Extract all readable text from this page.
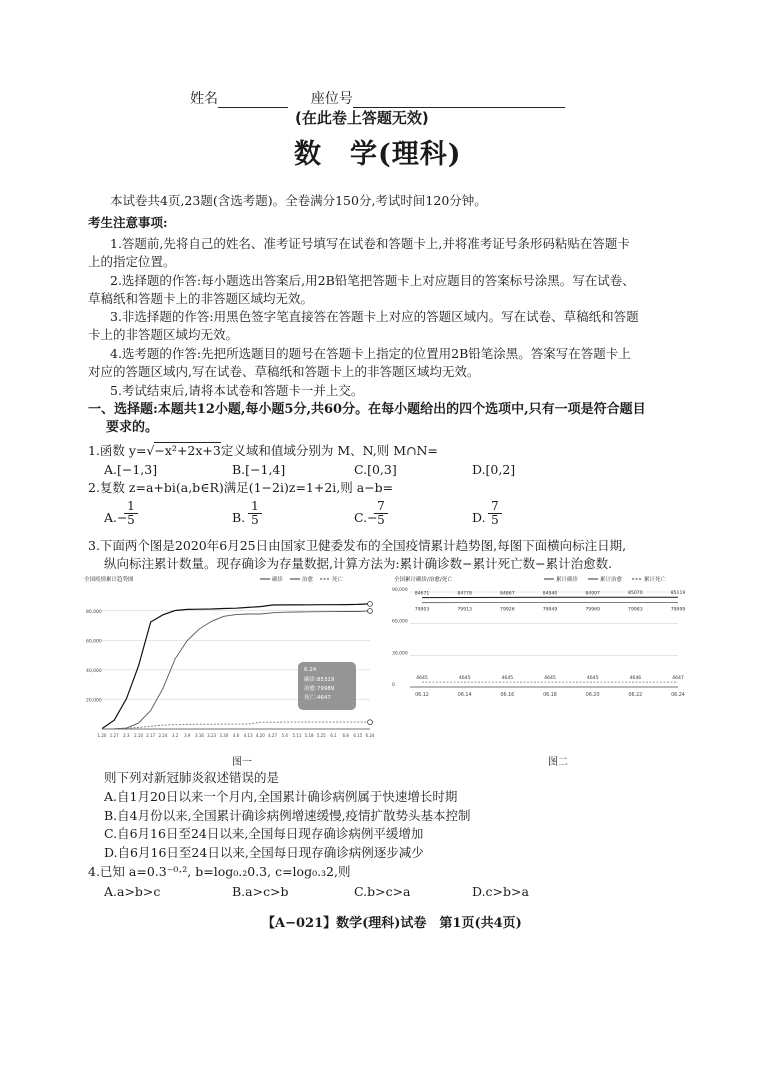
姓名	座位号
(在此卷上答题无效)
数　学(理科)
本试卷共4页,23题(含选考题)。全卷满分150分,考试时间120分钟。
考生注意事项:
1.答题前,先将自己的姓名、准考证号填写在试卷和答题卡上,并将准考证号条形码粘贴在答题卡
上的指定位置。
2.选择题的作答:每小题选出答案后,用2B铅笔把答题卡上对应题目的答案标号涂黑。写在试卷、
草稿纸和答题卡上的非答题区域均无效。
3.非选择题的作答:用黑色签字笔直接答在答题卡上对应的答题区域内。写在试卷、草稿纸和答题
卡上的非答题区域均无效。
4.选考题的作答:先把所选题目的题号在答题卡上指定的位置用2B铅笔涂黑。答案写在答题卡上
对应的答题区域内,写在试卷、草稿纸和答题卡上的非答题区域均无效。
5.考试结束后,请将本试卷和答题卡一并上交。
一、选择题:本题共12小题,每小题5分,共60分。在每小题给出的四个选项中,只有一项是符合题目
要求的。
1.函数 y=√−x²+2x+3定义域和值域分别为 M、N,则 M∩N=
A.[−1,3]	B.[−1,4]	C.[0,3]	D.[0,2]
2.复数 z=a+bi(a,b∈R)满足(1−2i)z=1+2i,则 a−b=
A.−
$\frac{1}{5}$	B. $\frac{1}{5}$	C.−
$\frac{7}{5}$	D. $\frac{7}{5}$
3.下面两个图是2020年6月25日由国家卫健委发布的全国疫情累计趋势图,每图下面横向标注日期,
纵向标注累计数量。现存确诊为存量数据,计算方法为:累计确诊数−累计死亡数−累计治愈数.
全国疫情累计趋势图	确诊	治愈	死亡
80,000
60,000
40,000
20,000
1.20 1.27 2.3 2.10 2.17 2.24 3.2 3.9 3.16 3.23 3.30 4.6 4.13 4.20 4.27 5.4 5.11 5.18 5.25 6.1 6.8 6.15 6.24
6.24
确诊:85319
治愈:79989
死亡:4647
图一
全国累计确诊/治愈/死亡	累计确诊	累计治愈	累计死亡
90,000
60,000
30,000
0
06.12	06.14	06.16	06.18	06.20	06.22	06.24
84671	84778	84867	84940	84997	85070	85119
79903	79913	79926	79949	79969	79983	79999
4645	4645	4645	4645	4645	4646	4647
图二
则下列对新冠肺炎叙述错误的是
A.自1月20日以来一个月内,全国累计确诊病例属于快速增长时期
B.自4月份以来,全国累计确诊病例增速缓慢,疫情扩散势头基本控制
C.自6月16日至24日以来,全国每日现存确诊病例平缓增加
D.自6月16日至24日以来,全国每日现存确诊病例逐步减少
4.已知 a=0.3⁻⁰·², b=log₀.₂0.3, c=log₀.₃2,则
A.a>b>c	B.a>c>b	C.b>c>a	D.c>b>a
【A−021】数学(理科)试卷　第1页(共4页)
